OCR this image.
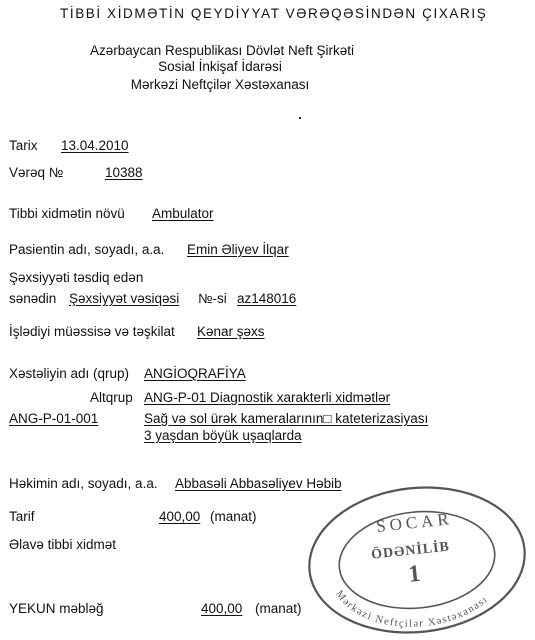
TİBBİ XİDMƏTİN QEYDİYYAT VƏRƏQƏSİNDƏN ÇIXARIŞ
Azərbaycan Respublikası Dövlət Neft Şirkəti
Sosial İnkişaf İdarəsi
Mərkəzi Neftçilər Xəstəxanası
Tarix 13.04.2010
Vərəq №	10388
Tibbi xidmətin növü Ambulator
Pasientin adı, soyadı, a.a. Emin Əliyev İlqar
Şəxsiyyəti təsdiq edən
sənədin Şəxsiyyət vəsiqəsi №-si az148016
İşlədiyi müəssisə və təşkilat Kənar şəxs
Xəstəliyin adı (qrup) ANGİOQRAFİYA
Altqrup ANG-P-01 Diagnostik xarakterli xidmətlər
ANG-P-01-001	Sağ və sol ürək kameralarının□ kateterizasiyası
3 yaşdan böyük uşaqlarda
Həkimin adı, soyadı, a.a. Abbasəli Abbasəliyev Həbib
Tarif	400,00 (manat)
Əlavə tibbi xidmət
YEKUN məbləğ	400,00 (manat)
SOCAR
ÖDƏNİLİB
1
Mərkəzi Neftçilər Xəstəxanası
